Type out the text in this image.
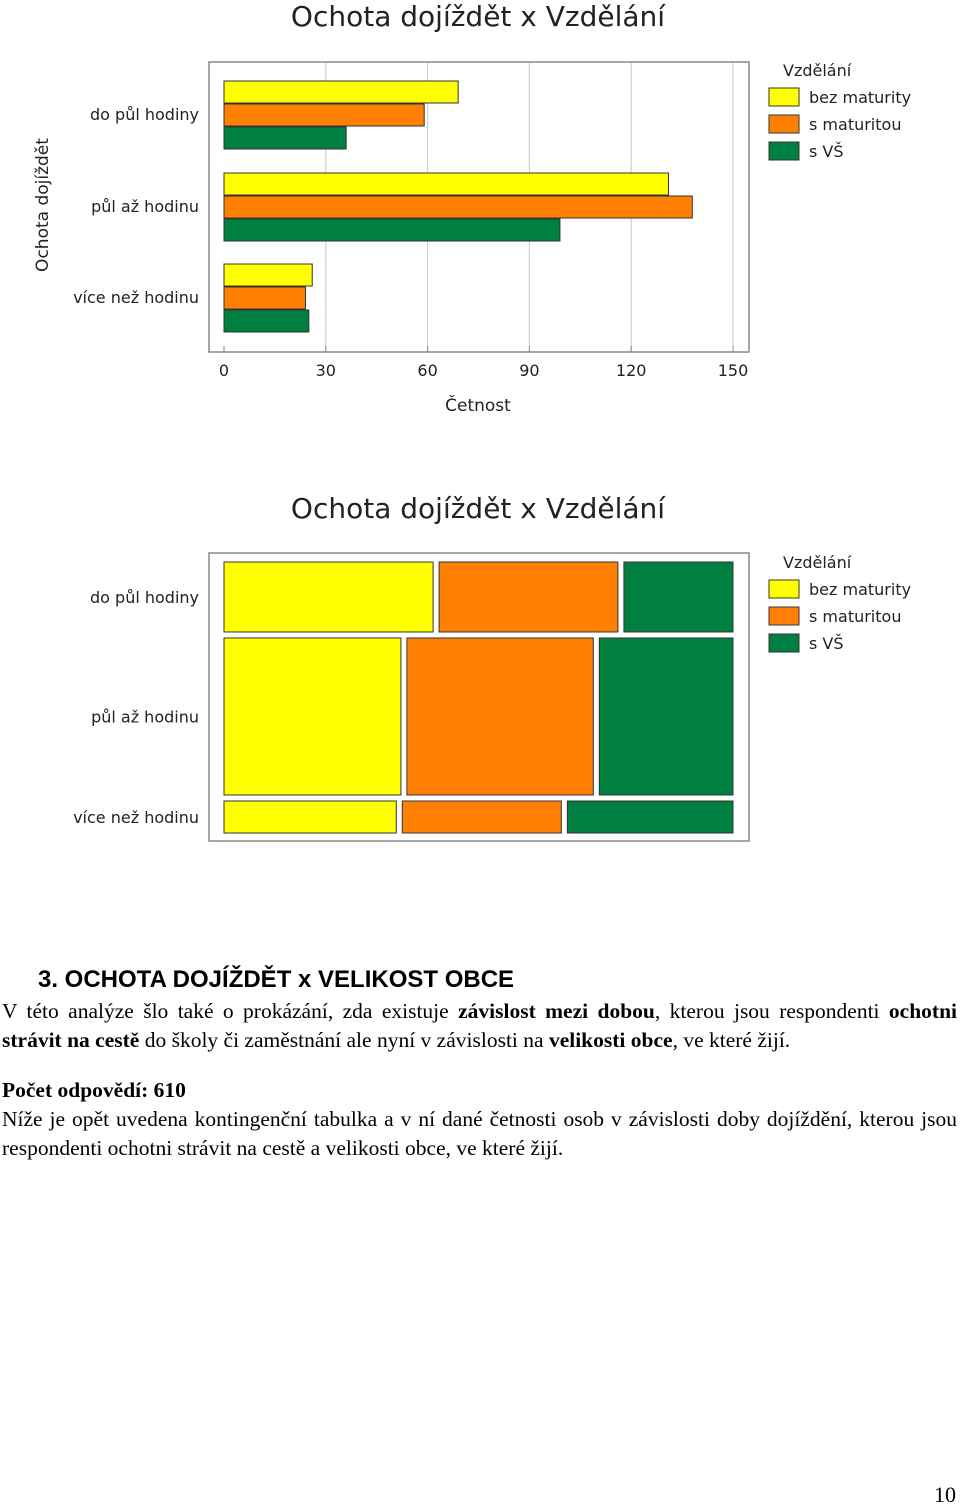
Ochota dojíždět x Vzdělání
Ochota dojíždět
Četnost
do půl hodiny
půl až hodinu
více než hodinu
0	30	60	90	120	150
Vzdělání
bez maturity
s maturitou
s VŠ
Ochota dojíždět x Vzdělání
do půl hodiny
půl až hodinu
více než hodinu
Vzdělání
bez maturity
s maturitou
s VŠ
3. OCHOTA DOJÍŽDĚT x VELIKOST OBCE

V této analýze šlo také o prokázání, zda existuje závislost mezi dobou, kterou jsou respondenti ochotni strávit na cestě do školy či zaměstnání ale nyní v závislosti na velikosti obce, ve které žijí.

Počet odpovědí: 610

Níže je opět uvedena kontingenční tabulka a v ní dané četnosti osob v závislosti doby dojíždění, kterou jsou respondenti ochotni strávit na cestě a velikosti obce, ve které žijí.

10
